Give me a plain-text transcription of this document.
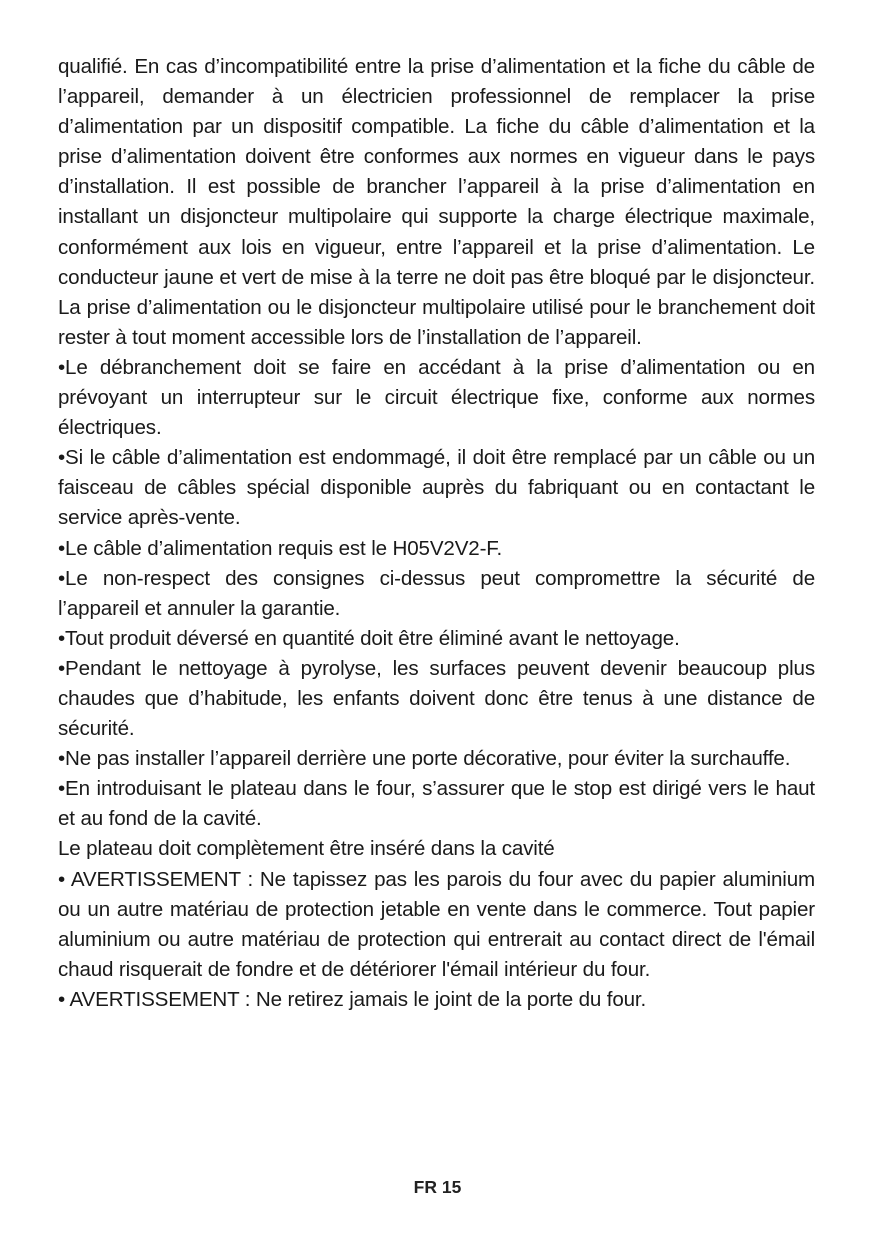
qualifié. En cas d’incompatibilité entre la prise d’alimentation et la fiche du câble de l’appareil, demander à un électricien professionnel de remplacer la prise d’alimentation par un dispositif compatible. La fiche du câble d’alimentation et la prise d’alimentation doivent être conformes aux normes en vigueur dans le pays d’installation. Il est possible de brancher l’appareil à la prise d’alimentation en installant un disjoncteur multipolaire qui supporte la charge électrique maximale, conformément aux lois en vigueur, entre l’appareil et la prise d’alimentation. Le conducteur jaune et vert de mise à la terre ne doit pas être bloqué par le disjoncteur. La prise d’alimentation ou le disjoncteur multipolaire utilisé pour le branchement doit rester à tout moment accessible lors de l’installation de l’appareil.

•Le débranchement doit se faire en accédant à la prise d’alimentation ou en prévoyant un interrupteur sur le circuit électrique fixe, conforme aux normes électriques.

•Si le câble d’alimentation est endommagé, il doit être remplacé par un câble ou un faisceau de câbles spécial disponible auprès du fabriquant ou en contactant le service après-vente.

•Le câble d’alimentation requis est le H05V2V2-F.

•Le non-respect des consignes ci-dessus peut compromettre la sécurité de l’appareil et annuler la garantie.

•Tout produit déversé en quantité doit être éliminé avant le nettoyage.

•Pendant le nettoyage à pyrolyse, les surfaces peuvent devenir beaucoup plus chaudes que d’habitude, les enfants doivent donc être tenus à une distance de sécurité.

•Ne pas installer l’appareil derrière une porte décorative, pour éviter la surchauffe.

•En introduisant le plateau dans le four, s’assurer que le stop est dirigé vers le haut et au fond de la cavité.

Le plateau doit complètement être inséré dans la cavité

• AVERTISSEMENT : Ne tapissez pas les parois du four avec du papier aluminium ou un autre matériau de protection jetable en vente dans le commerce. Tout papier aluminium ou autre matériau de protection qui entrerait au contact direct de l'émail chaud risquerait de fondre et de détériorer l'émail intérieur du four.

• AVERTISSEMENT : Ne retirez jamais le joint de la porte du four.

FR 15
